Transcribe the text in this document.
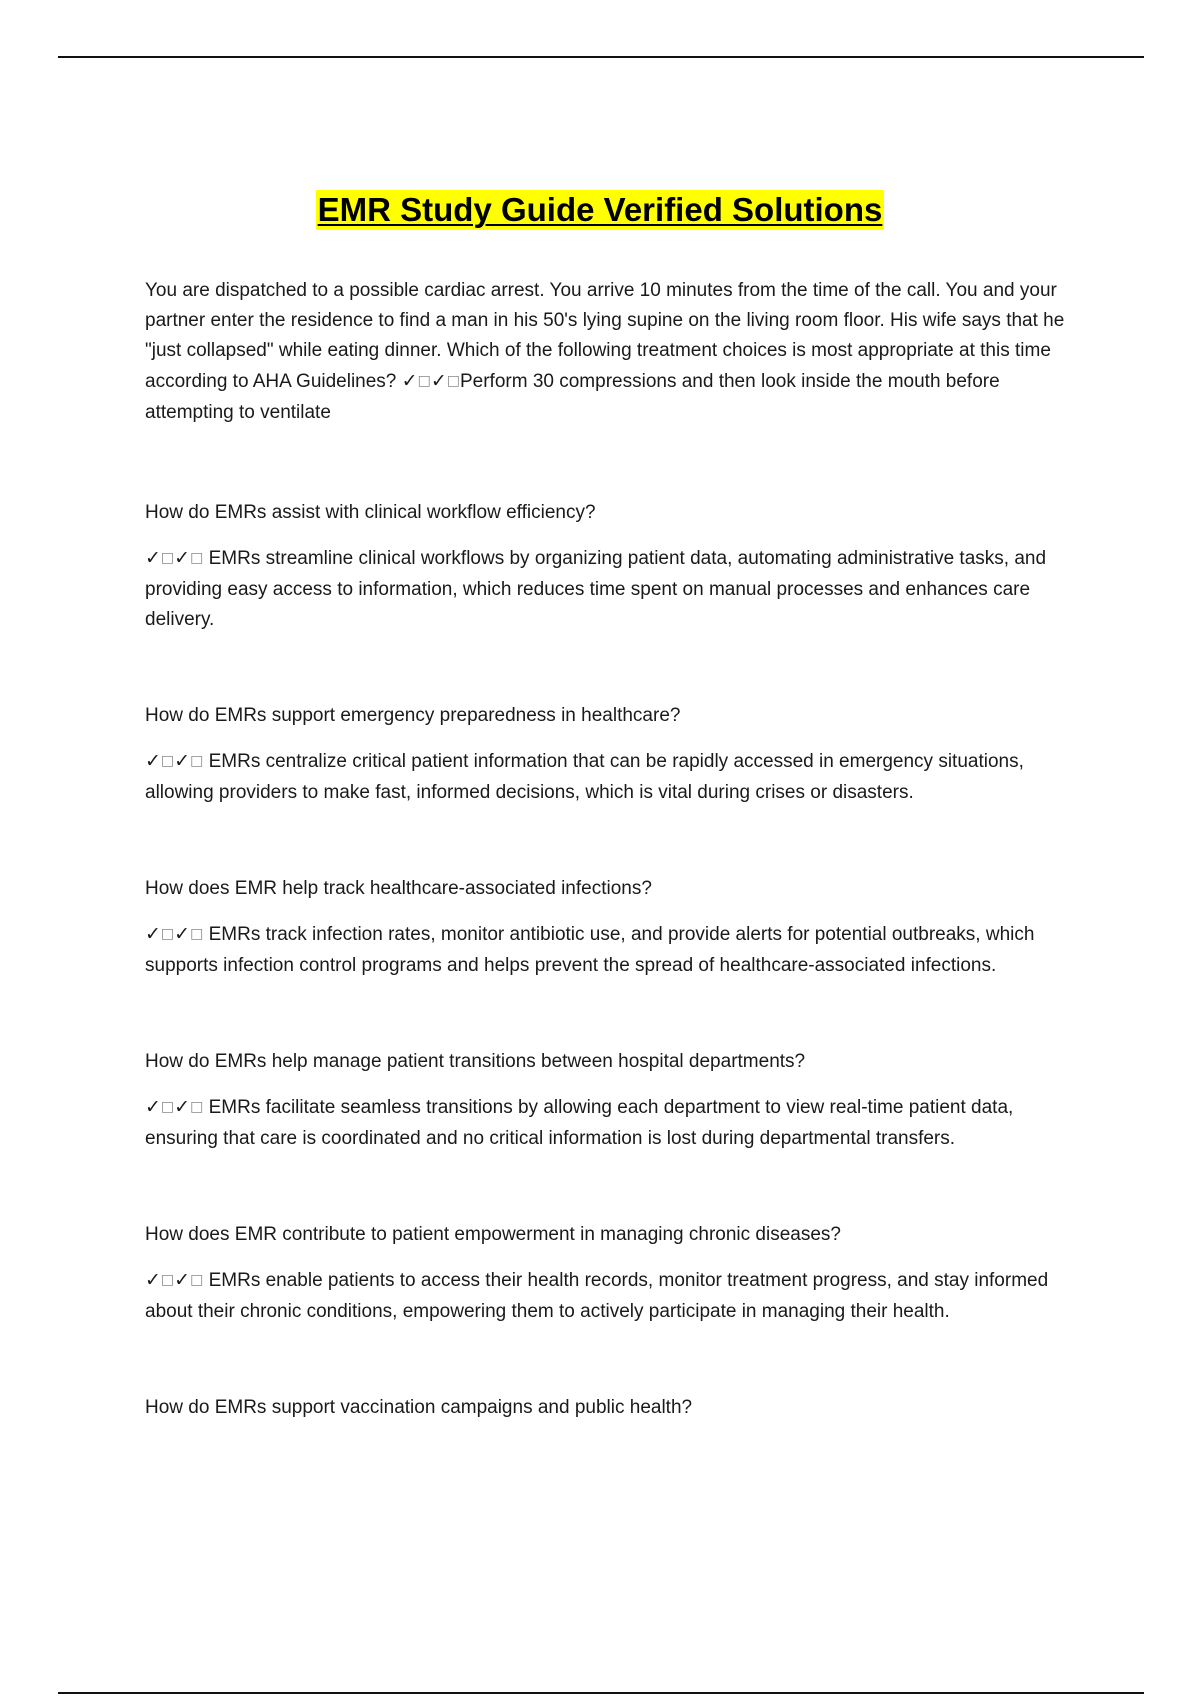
EMR Study Guide Verified Solutions

You are dispatched to a possible cardiac arrest. You arrive 10 minutes from the time of the call. You and your partner enter the residence to find a man in his 50's lying supine on the living room floor. His wife says that he "just collapsed" while eating dinner. Which of the following treatment choices is most appropriate at this time according to AHA Guidelines? ✓□✓□Perform 30 compressions and then look inside the mouth before attempting to ventilate

How do EMRs assist with clinical workflow efficiency?

✓□✓□ EMRs streamline clinical workflows by organizing patient data, automating administrative tasks, and providing easy access to information, which reduces time spent on manual processes and enhances care delivery.

How do EMRs support emergency preparedness in healthcare?

✓□✓□ EMRs centralize critical patient information that can be rapidly accessed in emergency situations, allowing providers to make fast, informed decisions, which is vital during crises or disasters.

How does EMR help track healthcare-associated infections?

✓□✓□ EMRs track infection rates, monitor antibiotic use, and provide alerts for potential outbreaks, which supports infection control programs and helps prevent the spread of healthcare-associated infections.

How do EMRs help manage patient transitions between hospital departments?

✓□✓□ EMRs facilitate seamless transitions by allowing each department to view real-time patient data, ensuring that care is coordinated and no critical information is lost during departmental transfers.

How does EMR contribute to patient empowerment in managing chronic diseases?

✓□✓□ EMRs enable patients to access their health records, monitor treatment progress, and stay informed about their chronic conditions, empowering them to actively participate in managing their health.

How do EMRs support vaccination campaigns and public health?
